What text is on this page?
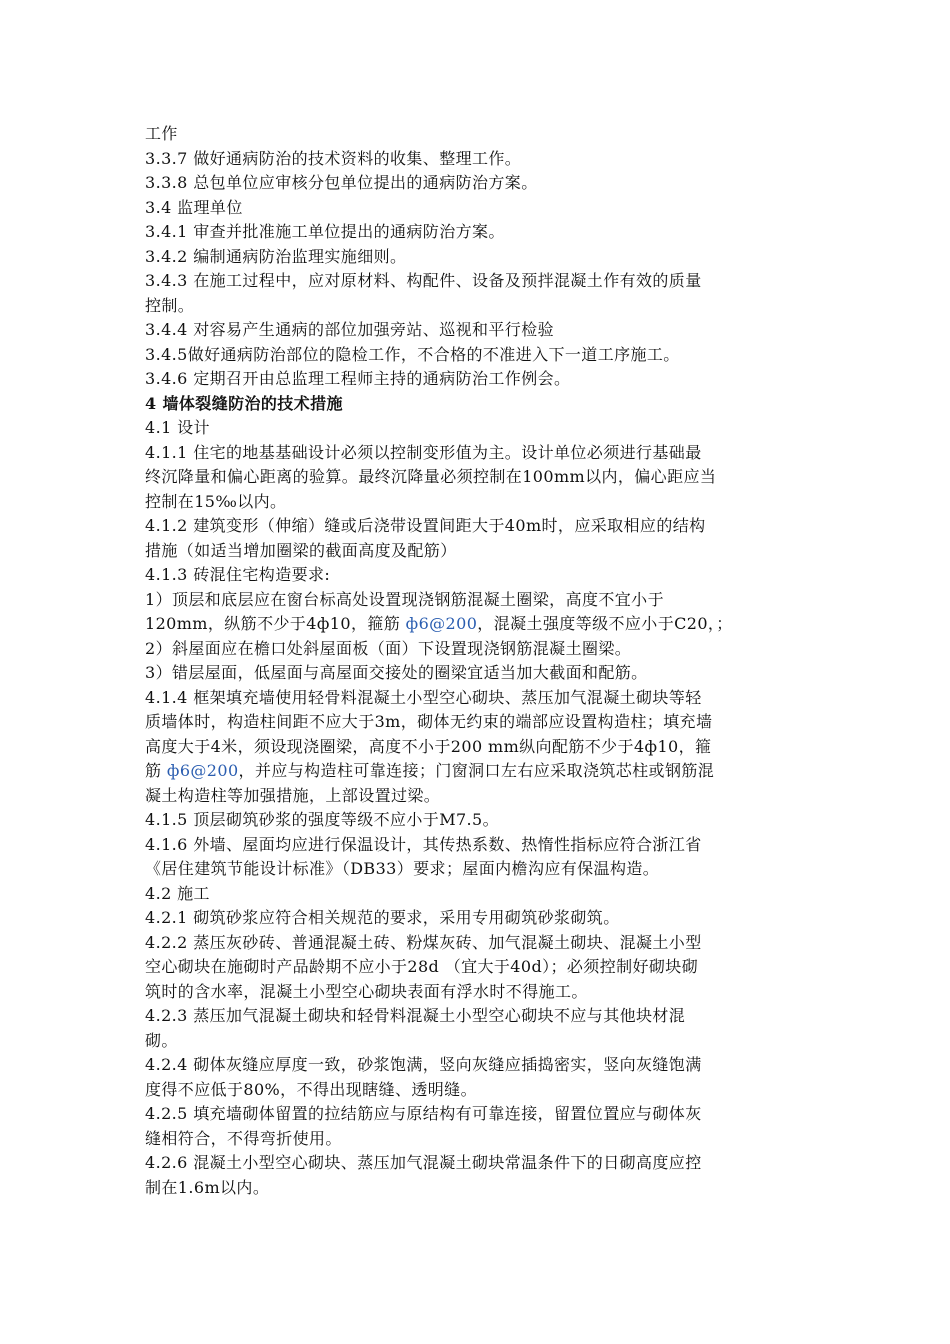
工作
3.3.7 做好通病防治的技术资料的收集、整理工作。
3.3.8 总包单位应审核分包单位提出的通病防治方案。
3.4 监理单位
3.4.1 审查并批准施工单位提出的通病防治方案。
3.4.2 编制通病防治监理实施细则。
3.4.3 在施工过程中，应对原材料、构配件、设备及预拌混凝土作有效的质量
控制。
3.4.4 对容易产生通病的部位加强旁站、巡视和平行检验
3.4.5做好通病防治部位的隐检工作，不合格的不准进入下一道工序施工。
3.4.6 定期召开由总监理工程师主持的通病防治工作例会。
4 墙体裂缝防治的技术措施
4.1 设计
4.1.1 住宅的地基基础设计必须以控制变形值为主。设计单位必须进行基础最
终沉降量和偏心距离的验算。最终沉降量必须控制在100mm以内，偏心距应当
控制在15‰以内。
4.1.2 建筑变形（伸缩）缝或后浇带设置间距大于40m时，应采取相应的结构
措施（如适当增加圈梁的截面高度及配筋）
4.1.3 砖混住宅构造要求:
1）顶层和底层应在窗台标高处设置现浇钢筋混凝土圈梁，高度不宜小于
120mm，纵筋不少于4ф10，箍筋 ф6@200，混凝土强度等级不应小于C20，；
2）斜屋面应在檐口处斜屋面板（面）下设置现浇钢筋混凝土圈梁。
3）错层屋面，低屋面与高屋面交接处的圈梁宜适当加大截面和配筋。
4.1.4 框架填充墙使用轻骨料混凝土小型空心砌块、蒸压加气混凝土砌块等轻
质墙体时，构造柱间距不应大于3m，砌体无约束的端部应设置构造柱；填充墙
高度大于4米，须设现浇圈梁，高度不小于200 mm纵向配筋不少于4ф10，箍
筋 ф6@200，并应与构造柱可靠连接；门窗洞口左右应采取浇筑芯柱或钢筋混
凝土构造柱等加强措施，上部设置过梁。
4.1.5 顶层砌筑砂浆的强度等级不应小于M7.5。
4.1.6 外墙、屋面均应进行保温设计，其传热系数、热惰性指标应符合浙江省
《居住建筑节能设计标准》（DB33）要求；屋面内檐沟应有保温构造。
4.2 施工
4.2.1 砌筑砂浆应符合相关规范的要求，采用专用砌筑砂浆砌筑。
4.2.2 蒸压灰砂砖、普通混凝土砖、粉煤灰砖、加气混凝土砌块、混凝土小型
空心砌块在施砌时产品龄期不应小于28d （宜大于40d）；必须控制好砌块砌
筑时的含水率，混凝土小型空心砌块表面有浮水时不得施工。
4.2.3 蒸压加气混凝土砌块和轻骨料混凝土小型空心砌块不应与其他块材混
砌。
4.2.4 砌体灰缝应厚度一致，砂浆饱满，竖向灰缝应插捣密实，竖向灰缝饱满
度得不应低于80%，不得出现瞎缝、透明缝。
4.2.5 填充墙砌体留置的拉结筋应与原结构有可靠连接，留置位置应与砌体灰
缝相符合，不得弯折使用。
4.2.6 混凝土小型空心砌块、蒸压加气混凝土砌块常温条件下的日砌高度应控
制在1.6m以内。
